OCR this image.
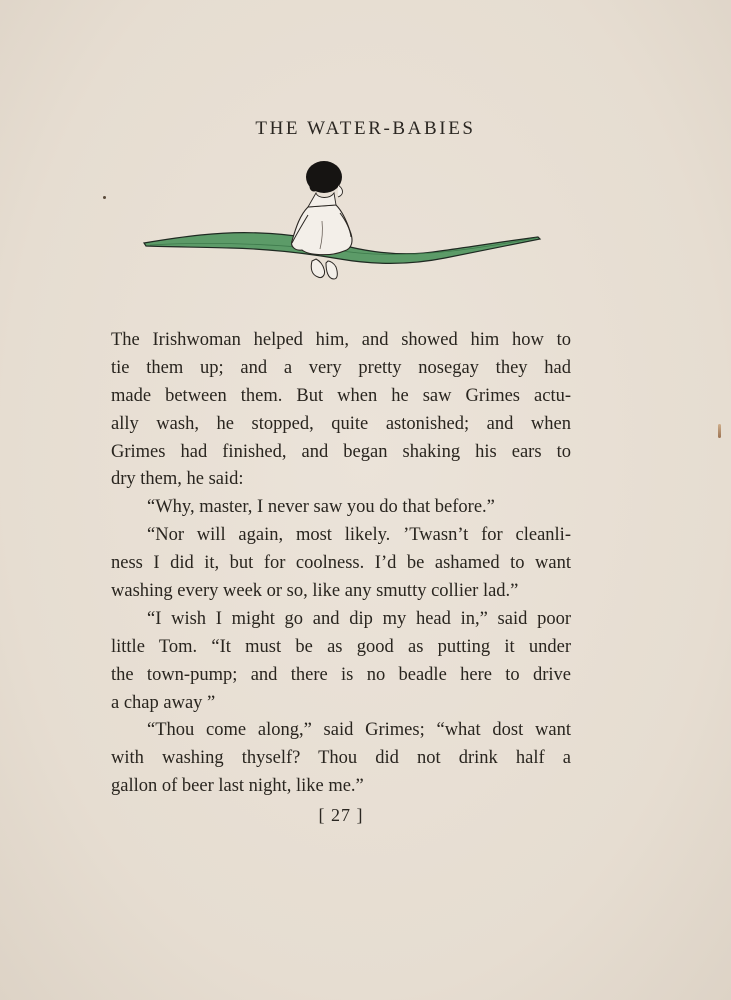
THE WATER-BABIES
The Irishwoman helped him, and showed him how to
tie them up; and a very pretty nosegay they had
made between them. But when he saw Grimes actu-
ally wash, he stopped, quite astonished; and when
Grimes had finished, and began shaking his ears to
dry them, he said:
“Why, master, I never saw you do that before.”
“Nor will again, most likely. ’Twasn’t for cleanli-
ness I did it, but for coolness. I’d be ashamed to want
washing every week or so, like any smutty collier lad.”
“I wish I might go and dip my head in,” said poor
little Tom. “It must be as good as putting it under
the town-pump; and there is no beadle here to drive
a chap away ”
“Thou come along,” said Grimes; “what dost want
with washing thyself? Thou did not drink half a
gallon of beer last night, like me.”
[ 27 ]
